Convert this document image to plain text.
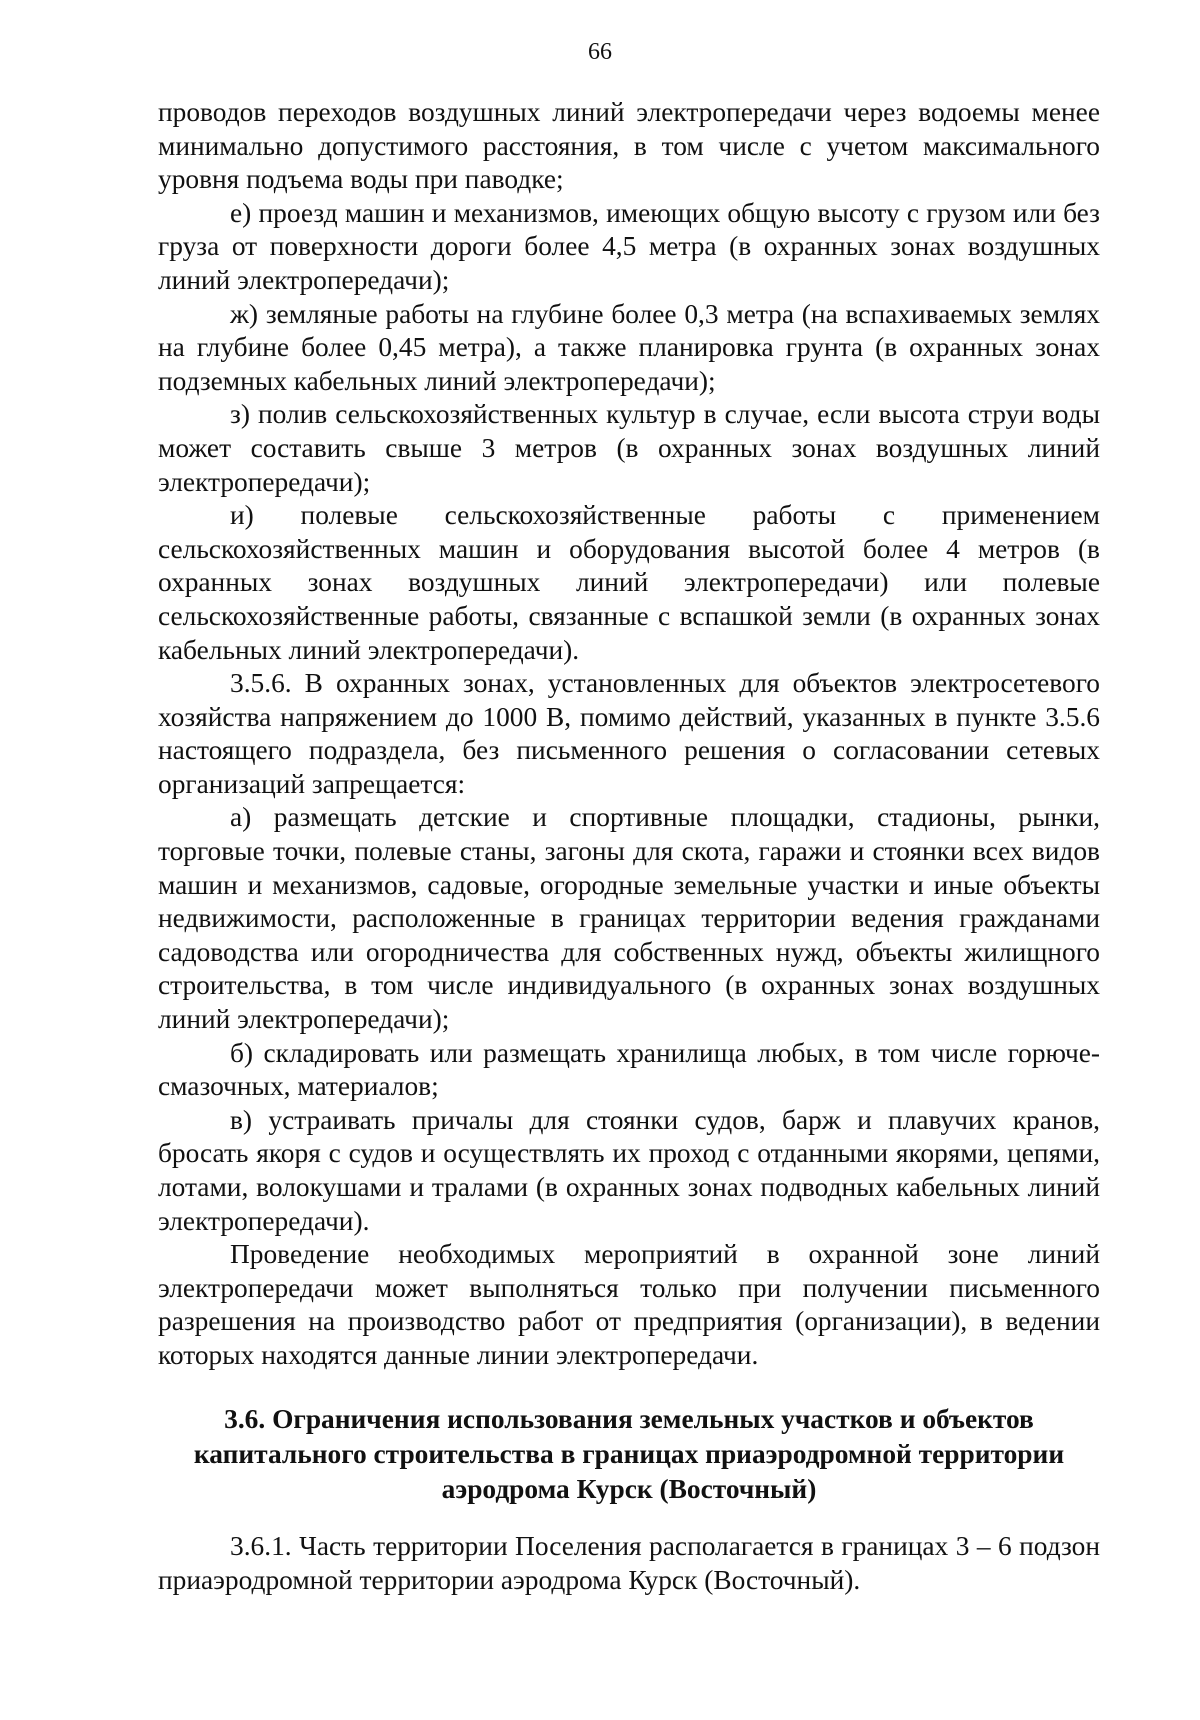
66

проводов переходов воздушных линий электропередачи через водоемы менее минимально допустимого расстояния, в том числе с учетом максимального уровня подъема воды при паводке;

е) проезд машин и механизмов, имеющих общую высоту с грузом или без груза от поверхности дороги более 4,5 метра (в охранных зонах воздушных линий электропередачи);

ж) земляные работы на глубине более 0,3 метра (на вспахиваемых землях на глубине более 0,45 метра), а также планировка грунта (в охранных зонах подземных кабельных линий электропередачи);

з) полив сельскохозяйственных культур в случае, если высота струи воды может составить свыше 3 метров (в охранных зонах воздушных линий электропередачи);

и) полевые сельскохозяйственные работы с применением сельскохозяйственных машин и оборудования высотой более 4 метров (в охранных зонах воздушных линий электропередачи) или полевые сельскохозяйственные работы, связанные с вспашкой земли (в охранных зонах кабельных линий электропередачи).

3.5.6. В охранных зонах, установленных для объектов электросетевого хозяйства напряжением до 1000 В, помимо действий, указанных в пункте 3.5.6 настоящего подраздела, без письменного решения о согласовании сетевых организаций запрещается:

а) размещать детские и спортивные площадки, стадионы, рынки, торговые точки, полевые станы, загоны для скота, гаражи и стоянки всех видов машин и механизмов, садовые, огородные земельные участки и иные объекты недвижимости, расположенные в границах территории ведения гражданами садоводства или огородничества для собственных нужд, объекты жилищного строительства, в том числе индивидуального (в охранных зонах воздушных линий электропередачи);

б) складировать или размещать хранилища любых, в том числе горюче-смазочных, материалов;

в) устраивать причалы для стоянки судов, барж и плавучих кранов, бросать якоря с судов и осуществлять их проход с отданными якорями, цепями, лотами, волокушами и тралами (в охранных зонах подводных кабельных линий электропередачи).

Проведение необходимых мероприятий в охранной зоне линий электропередачи может выполняться только при получении письменного разрешения на производство работ от предприятия (организации), в ведении которых находятся данные линии электропередачи.

3.6. Ограничения использования земельных участков и объектов
капитального строительства в границах приаэродромной территории
аэродрома Курск (Восточный)

3.6.1. Часть территории Поселения располагается в границах 3 – 6 подзон приаэродромной территории аэродрома Курск (Восточный).
